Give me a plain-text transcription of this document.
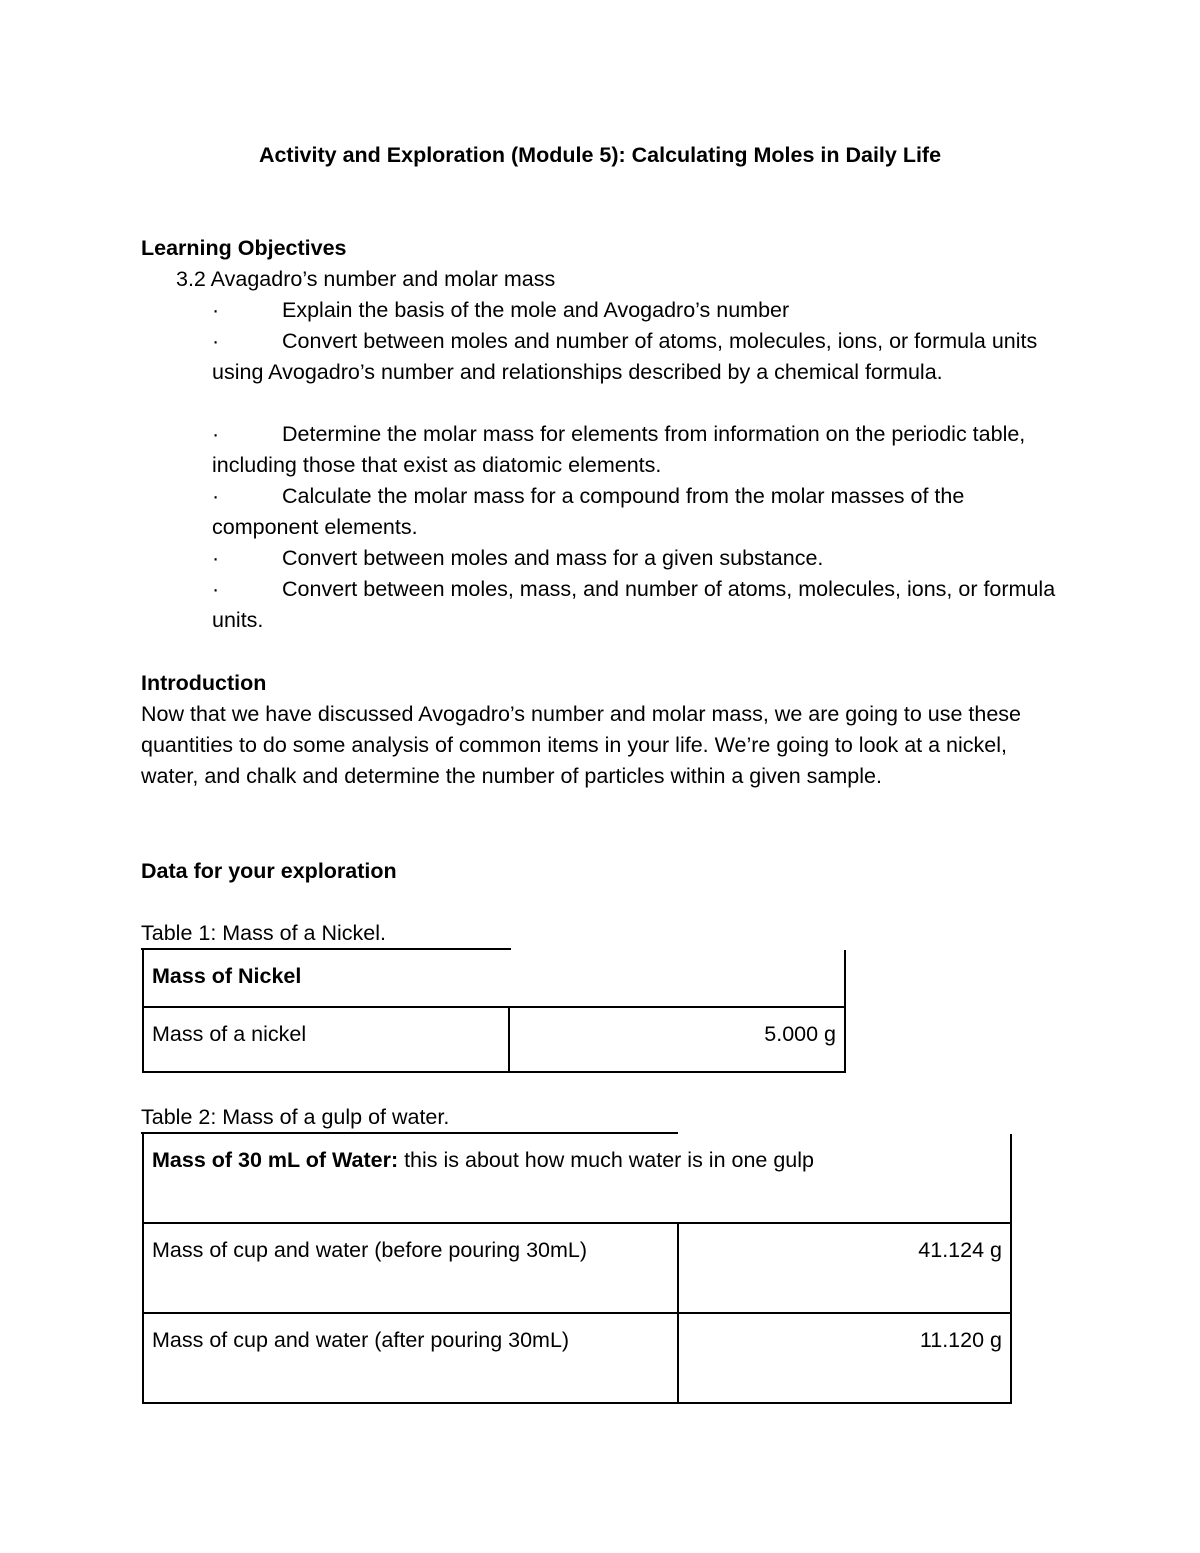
Activity and Exploration (Module 5): Calculating Moles in Daily Life
Learning Objectives
3.2 Avagadro’s number and molar mass
·	Explain the basis of the mole and Avogadro’s number
·	Convert between moles and number of atoms, molecules, ions, or formula units using Avogadro’s number and relationships described by a chemical formula.
·	Determine the molar mass for elements from information on the periodic table, including those that exist as diatomic elements.
·	Calculate the molar mass for a compound from the molar masses of the component elements.
·	Convert between moles and mass for a given substance.
·	Convert between moles, mass, and number of atoms, molecules, ions, or formula units.
Introduction
Now that we have discussed Avogadro’s number and molar mass, we are going to use these quantities to do some analysis of common items in your life. We’re going to look at a nickel, water, and chalk and determine the number of particles within a given sample.
Data for your exploration
Table 1: Mass of a Nickel.
Mass of Nickel
Mass of a nickel	5.000 g
Table 2: Mass of a gulp of water.
Mass of 30 mL of Water: this is about how much water is in one gulp	
Mass of cup and water (before pouring 30mL)	41.124 g
Mass of cup and water (after pouring 30mL)	11.120 g
